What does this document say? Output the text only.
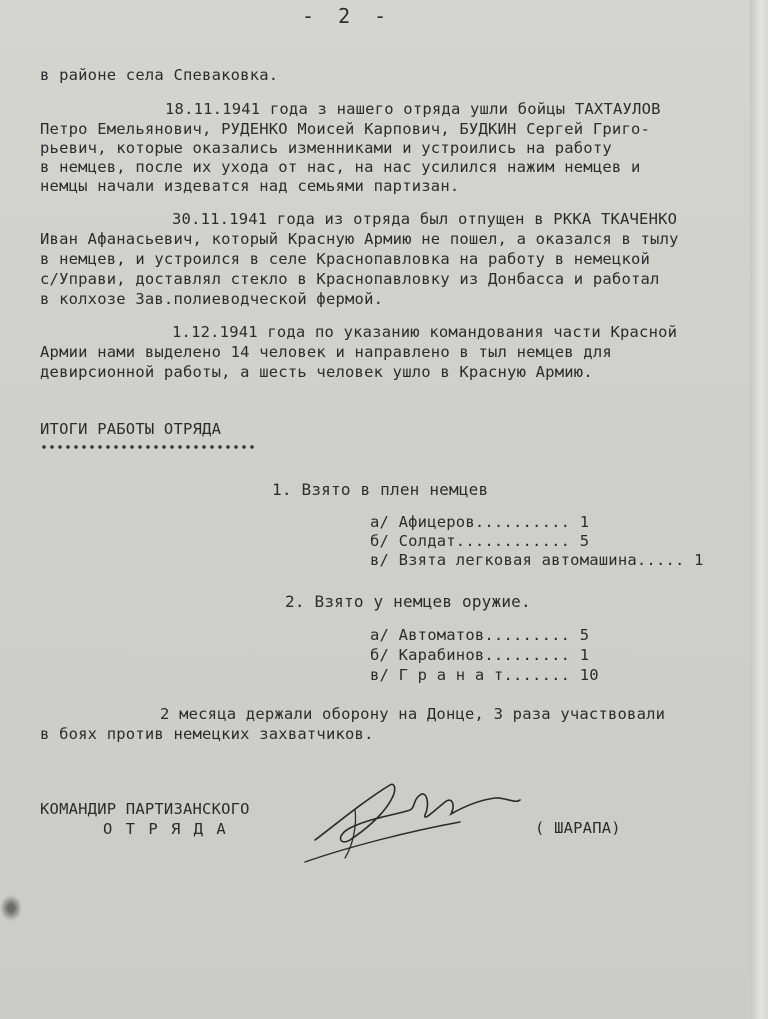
- 2 -
в районе села Спеваковка.
18.11.1941 года з нашего отряда ушли бойцы ТАХТАУЛОВ
Петро Емельянович, РУДЕНКО Моисей Карпович, БУДКИН Сергей Григо-
рьевич, которые оказались изменниками и устроились на работу
в немцев, после их ухода от нас, на нас усилился нажим немцев и
немцы начали издеватся над семьями партизан.
30.11.1941 года из отряда был отпущен в РККА ТКАЧЕНКО
Иван Афанасьевич, который Красную Армию не пошел, а оказался в тылу
в немцев, и устроился в селе Краснопавловка на работу в немецкой
с/Управи, доставлял стекло в Краснопавловку из Донбасса и работал
в колхозе Зав.полиеводческой фермой.
1.12.1941 года по указанию командования части Красной
Армии нами выделено 14 человек и направлено в тыл немцев для
девирсионной работы, а шесть человек ушло в Красную Армию.
ИТОГИ РАБОТЫ ОТРЯДА
1. Взято в плен немцев
а/ Афицеров.......... 1
б/ Солдат............ 5
в/ Взята легковая автомашина..... 1
2. Взято у немцев оружие.
а/ Автоматов......... 5
б/ Карабинов......... 1
в/ Г р а н а т....... 10
2 месяца держали оборону на Донце, 3 раза участвовали
в боях против немецких захватчиков.
КОМАНДИР ПАРТИЗАНСКОГО
О Т Р Я Д А	( ШАРАПА)
